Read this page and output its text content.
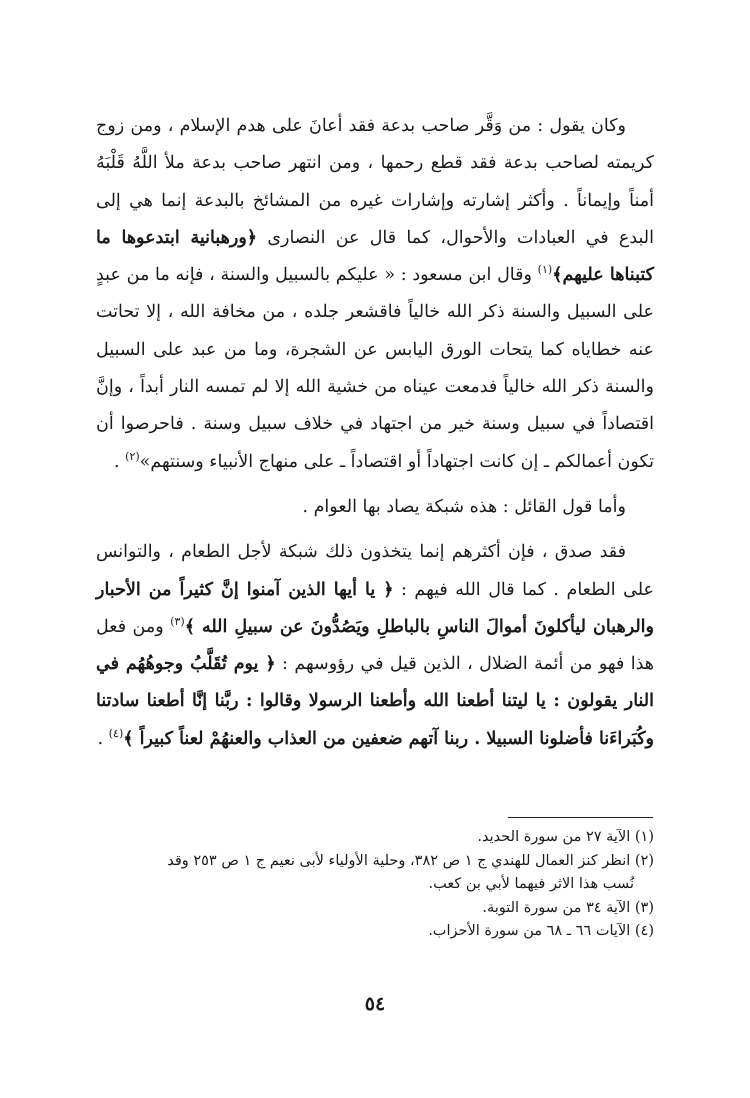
وكان يقول : من وَقَّر صاحب بدعة فقد أعانَ على هدم الإسلام ، ومن زوج كريمته لصاحب بدعة فقد قطع رحمها ، ومن انتهر صاحب بدعة ملأ اللَّهُ قَلْبَهُ أمناً وإيماناً . وأكثر إشارته وإشارات غيره من المشائخ بالبدعة إنما هي إلى البدع في العبادات والأحوال، كما قال عن النصارى ﴿ورهبانية ابتدعوها ما كتبناها عليهم﴾$^{(١)}$ وقال ابن مسعود : « عليكم بالسبيل والسنة ، فإنه ما من عبدٍ على السبيل والسنة ذكر الله خالياً فاقشعر جلده ، من مخافة الله ، إلا تحاتت عنه خطاياه كما يتحات الورق اليابس عن الشجرة، وما من عبد على السبيل والسنة ذكر الله خالياً فدمعت عيناه من خشية الله إلا لم تمسه النار أبداً ، وإنَّ اقتصاداً في سبيل وسنة خير من اجتهاد في خلاف سبيل وسنة . فاحرصوا أن تكون أعمالكم ـ إن كانت اجتهاداً أو اقتصاداً ـ على منهاج الأنبياء وسنتهم»$^{(٢)}$ .

وأما قول القائل : هذه شبكة يصاد بها العوام .

فقد صدق ، فإن أكثرهم إنما يتخذون ذلك شبكة لأجل الطعام ، والتوانس على الطعام . كما قال الله فيهم : ﴿ يا أيها الذين آمنوا إنَّ كثيراً من الأحبار والرهبان ليأكلونَ أموالَ الناسِ بالباطلِ ويَصُدُّونَ عن سبيلِ الله ﴾$^{(٣)}$ ومن فعل هذا فهو من أئمة الضلال ، الذين قيل في رؤوسهم : ﴿ يوم تُقَلَّبُ وجوهُهُم في النار يقولون : يا ليتنا أطعنا الله وأطعنا الرسولا وقالوا : ربَّنا إنَّا أطعنا سادتنا وكُبَراءَنا فأضلونا السبيلا . ربنا آتهم ضعفين من العذاب والعنهُمْ لعناً كبيراً ﴾$^{(٤)}$ .

(١) الآية ٢٧ من سورة الحديد.

(٢) انظر كنز العمال للهندي ج ١ ص ٣٨٢، وحلية الأولياء لأبى نعيم ج ١ ص ٢٥٣ وقد

نُسب هذا الاثر فيهما لأبي بن كعب.

(٣) الآية ٣٤ من سورة التوبة.

(٤) الآيات ٦٦ ـ ٦٨ من سورة الأحزاب.

٥٤
